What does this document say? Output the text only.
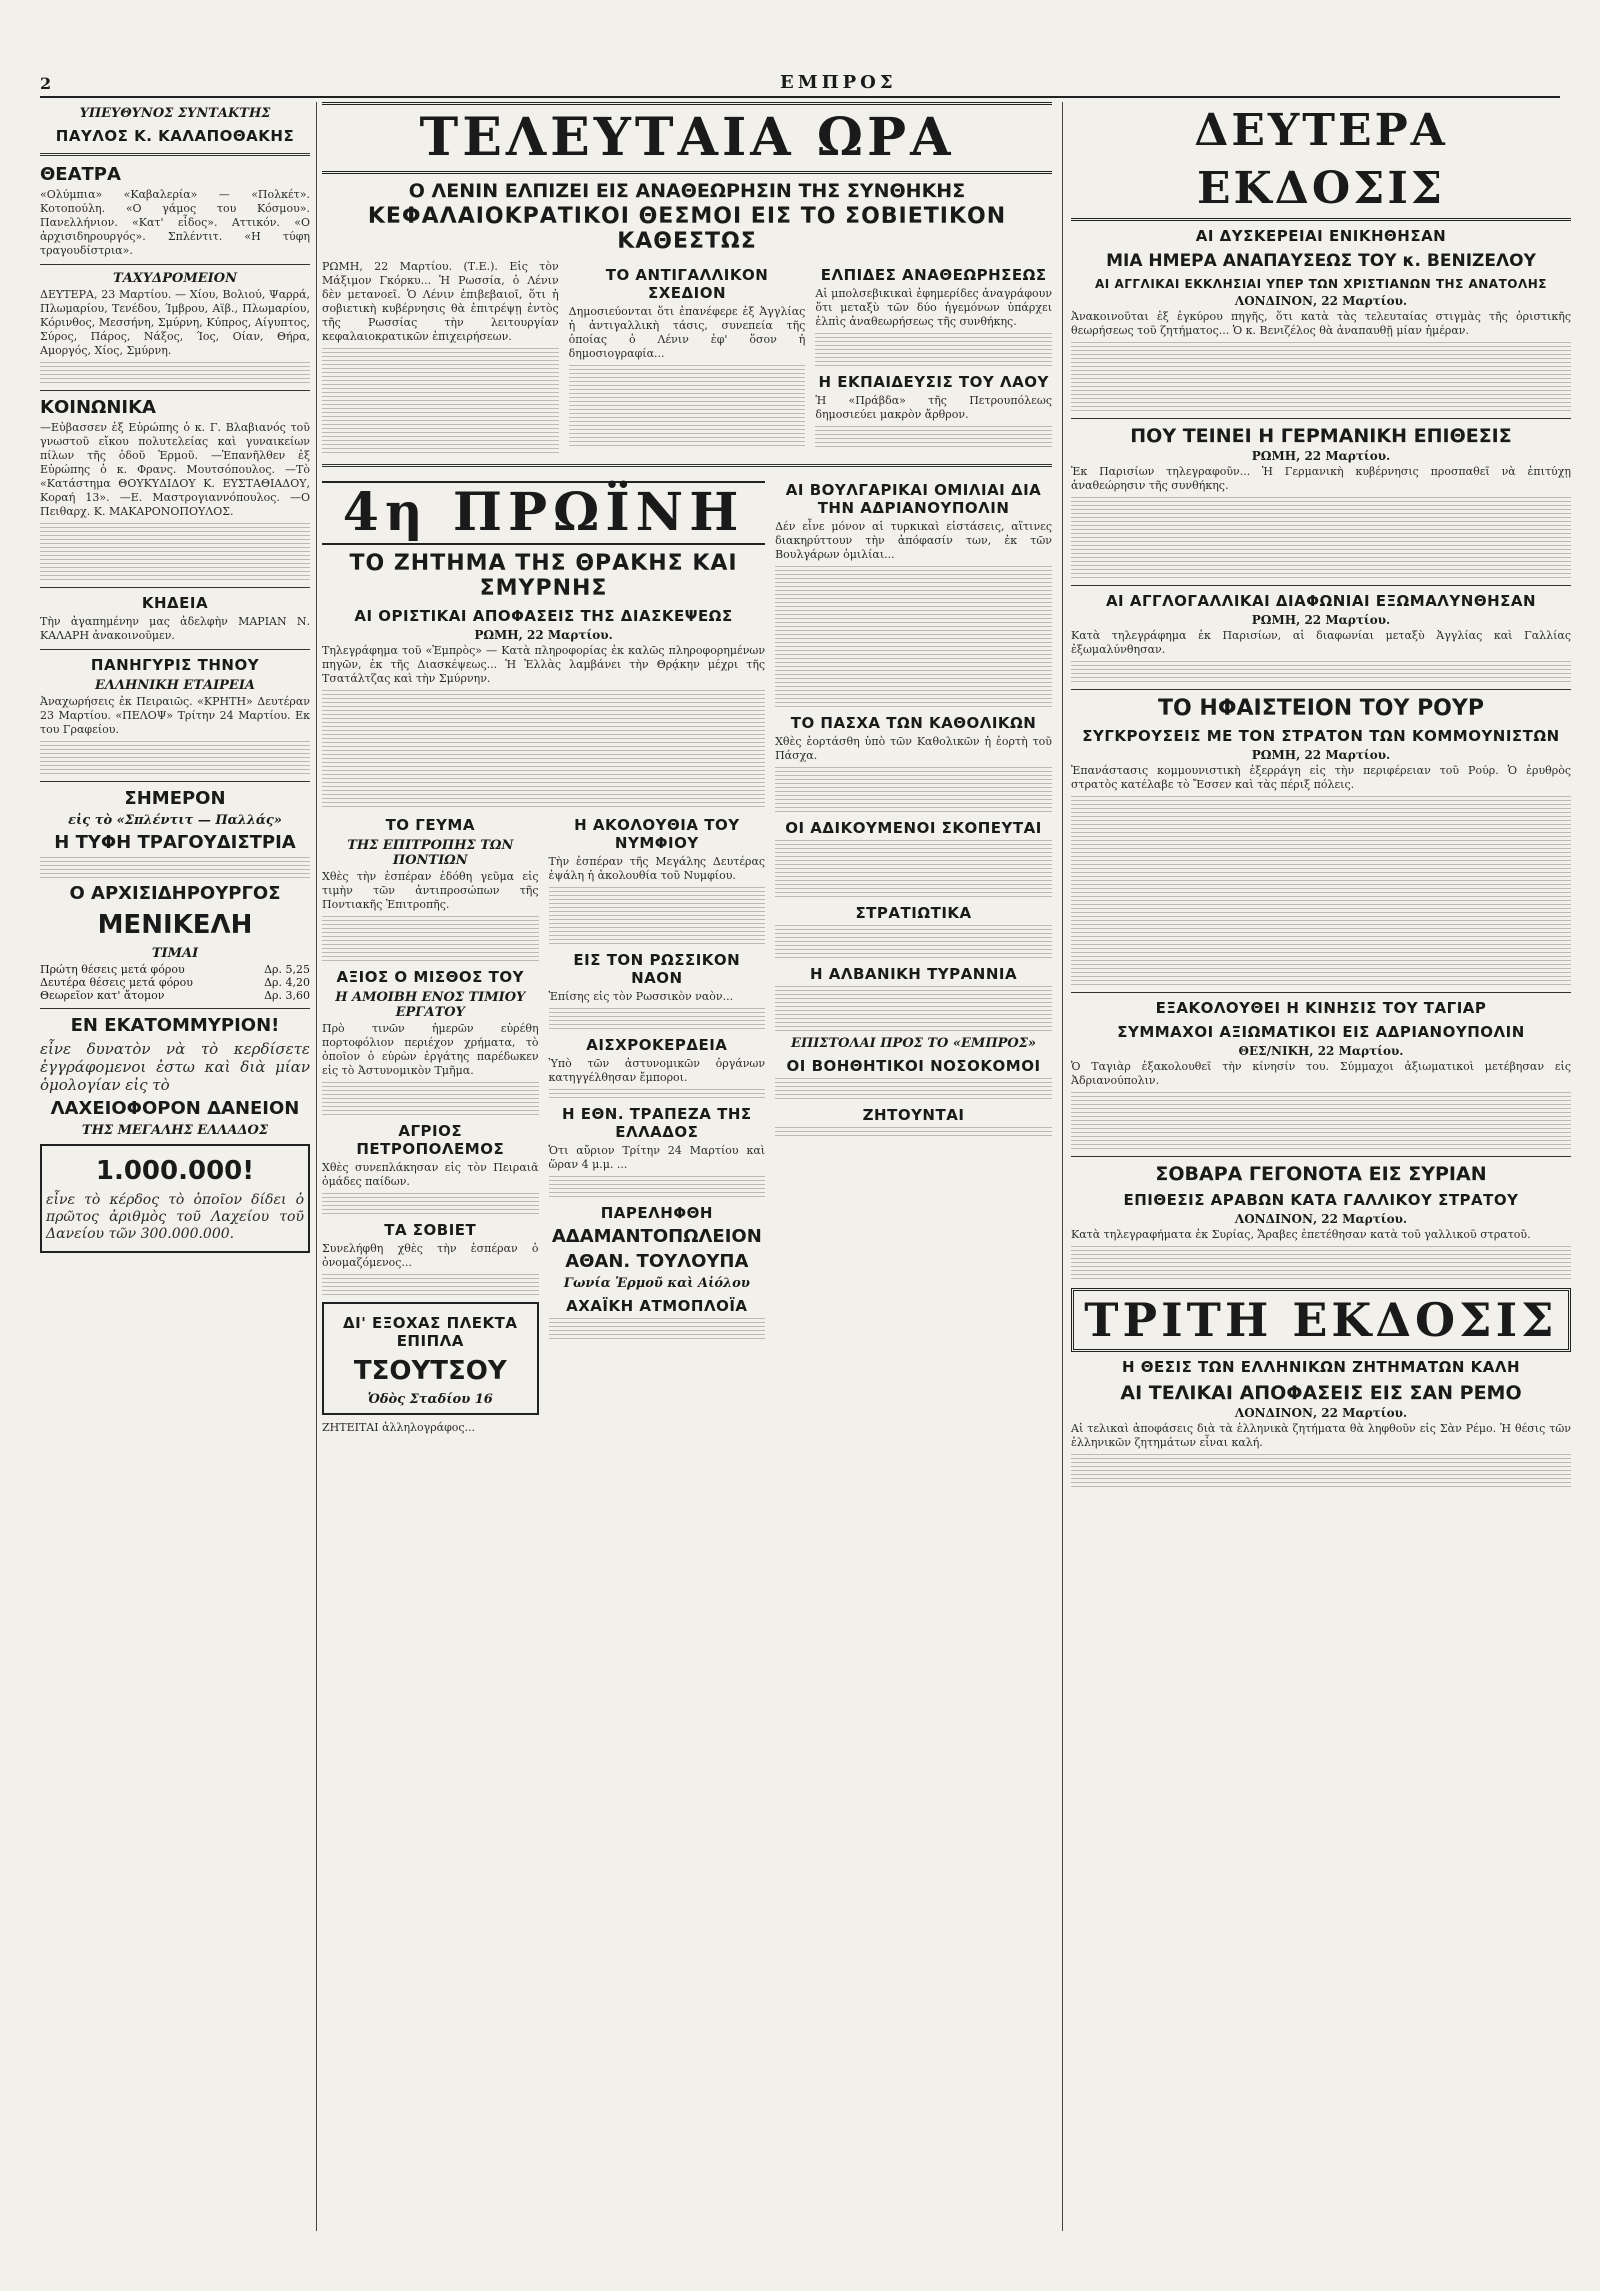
2	ΕΜΠΡΟΣ
ΥΠΕΥΘΥΝΟΣ ΣΥΝΤΑΚΤΗΣ
ΠΑΥΛΟΣ Κ. ΚΑΛΑΠΟΘΑΚΗΣ
ΘΕΑΤΡΑ

«Ολύμπια» «Καβαλερία» — «Πολκέτ». Κοτοπούλη. «Ο γάμος του Κόσμου». Πανελλήνιον. «Κατ' εἶδος». Αττικόν. «Ο ἀρχισιδηρουργός». Σπλέντιτ. «Η τύφη τραγουδίστρια».

ΤΑΧΥΔΡΟΜΕΙΟΝ

ΔΕΥΤΕΡΑ, 23 Μαρτίου. — Χίου, Βολιού, Ψαρρά, Πλωμαρίου, Τενέδου, Ίμβρου, Αϊβ., Πλωμαρίου, Κόρινθος, Μεσσήνη, Σμύρνη, Κύπρος, Αίγυπτος, Σύρος, Πάρος, Νάξος, Ίος, Οίαν, Θήρα, Αμοργός, Χίος, Σμύρνη.

ΚΟΙΝΩΝΙΚΑ

—Εὐβασσεν ἐξ Εὐρώπης ὁ κ. Γ. Βλαβιανός τοῦ γνωστοῦ εἴκου πολυτελείας καὶ γυναικείων πίλων τῆς ὁδοῦ Ἑρμοῦ. —Ἐπανῆλθεν ἐξ Εὐρώπης ὁ κ. Φρανς. Μουτσόπουλος. —Τὸ «Κατάστημα ΘΟΥΚΥΔΙΔΟΥ Κ. ΕΥΣΤΑΘΙΑΔΟΥ, Κοραή 13». —Ε. Μαστρογιαννόπουλος. —Ο Πειθαρχ. Κ. ΜΑΚΑΡΟΝΟΠΟΥΛΟΣ.

ΚΗΔΕΙΑ

Τὴν ἀγαπημένην μας ἀδελφὴν ΜΑΡΙΑΝ Ν. ΚΑΛΑΡΗ ἀνακοινοῦμεν.

ΠΑΝΗΓΥΡΙΣ ΤΗΝΟΥ
ΕΛΛΗΝΙΚΗ ΕΤΑΙΡΕΙΑ

Ἀναχωρήσεις ἐκ Πειραιῶς. «ΚΡΗΤΗ» Δευτέραν 23 Μαρτίου. «ΠΕΛΟΨ» Τρίτην 24 Μαρτίου. Εκ του Γραφείου.

ΣΗΜΕΡΟΝ
εἰς τὸ «Σπλέντιτ — Παλλάς»
Η ΤΥΦΗ ΤΡΑΓΟΥΔΙΣΤΡΙΑ
Ο ΑΡΧΙΣΙΔΗΡΟΥΡΓΟΣ
ΜΕΝΙΚΕΛΗ
ΤΙΜΑΙ
Πρώτη θέσεις μετά φόρου	Δρ. 5,25
Δευτέρα θέσεις μετά φόρου	Δρ. 4,20
Θεωρεῖον κατ' ἄτομον	Δρ. 3,60
ΕΝ ΕΚΑΤΟΜΜΥΡΙΟΝ!

εἶνε δυνατὸν νὰ τὸ κερδίσετε ἐγγράφομενοι ἐστω καὶ διὰ μίαν ὁμολογίαν εἰς τὸ

ΛΑΧΕΙΟΦΟΡΟΝ ΔΑΝΕΙΟΝ
ΤΗΣ ΜΕΓΑΛΗΣ ΕΛΛΑΔΟΣ
1.000.000!

εἶνε τὸ κέρδος τὸ ὁποῖον δίδει ὁ πρῶτος ἀριθμὸς τοῦ Λαχείου τοῦ Δανείου τῶν 300.000.000.

ΤΕΛΕΥΤΑΙΑ ΩΡΑ
Ο ΛΕΝΙΝ ΕΛΠΙΖΕΙ ΕΙΣ ΑΝΑΘΕΩΡΗΣΙΝ ΤΗΣ ΣΥΝΘΗΚΗΣ
ΚΕΦΑΛΑΙΟΚΡΑΤΙΚΟΙ ΘΕΣΜΟΙ ΕΙΣ ΤΟ ΣΟΒΙΕΤΙΚΟΝ ΚΑΘΕΣΤΩΣ

ΡΩΜΗ, 22 Μαρτίου. (Τ.Ε.). Εἰς τὸν Μάξιμον Γκόρκυ... Ἡ Ρωσσία, ὁ Λένιν δὲν μετανοεῖ. Ὁ Λένιν ἐπιβεβαιοῖ, ὅτι ἡ σοβιετικὴ κυβέρνησις θὰ ἐπιτρέψῃ ἐντὸς τῆς Ρωσσίας τὴν λειτουργίαν κεφαλαιοκρατικῶν ἐπιχειρήσεων.

ΤΟ ΑΝΤΙΓΑΛΛΙΚΟΝ ΣΧΕΔΙΟΝ

Δημοσιεύονται ὅτι ἐπανέφερε ἐξ Ἀγγλίας ἡ ἀντιγαλλικὴ τάσις, συνεπεία τῆς ὁποίας ὁ Λένιν ἐφ' ὅσον ἡ δημοσιογραφία...

ΕΛΠΙΔΕΣ ΑΝΑΘΕΩΡΗΣΕΩΣ

Αἱ μπολσεβικικαὶ ἐφημερίδες ἀναγράφουν ὅτι μεταξὺ τῶν δύο ἡγεμόνων ὑπάρχει ἐλπὶς ἀναθεωρήσεως τῆς συνθήκης.

Η ΕΚΠΑΙΔΕΥΣΙΣ ΤΟΥ ΛΑΟΥ

Ἡ «Πράβδα» τῆς Πετρουπόλεως δημοσιεύει μακρὸν ἄρθρον.

4η ΠΡΩΪΝΗ
ΤΟ ΖΗΤΗΜΑ ΤΗΣ ΘΡΑΚΗΣ ΚΑΙ ΣΜΥΡΝΗΣ
ΑΙ ΟΡΙΣΤΙΚΑΙ ΑΠΟΦΑΣΕΙΣ ΤΗΣ ΔΙΑΣΚΕΨΕΩΣ
ΡΩΜΗ, 22 Μαρτίου.

Τηλεγράφημα τοῦ «Ἐμπρὸς» — Κατὰ πληροφορίας ἐκ καλῶς πληροφορημένων πηγῶν, ἐκ τῆς Διασκέψεως... Ἡ Ἑλλὰς λαμβάνει τὴν Θρᾴκην μέχρι τῆς Τσατάλτζας καὶ τὴν Σμύρνην.

ΤΟ ΓΕΥΜΑ
ΤΗΣ ΕΠΙΤΡΟΠΗΣ ΤΩΝ ΠΟΝΤΙΩΝ

Χθὲς τὴν ἑσπέραν ἐδόθη γεῦμα εἰς τιμὴν τῶν ἀντιπροσώπων τῆς Ποντιακῆς Ἐπιτροπῆς.

ΑΞΙΟΣ Ο ΜΙΣΘΟΣ ΤΟΥ
Η ΑΜΟΙΒΗ ΕΝΟΣ ΤΙΜΙΟΥ ΕΡΓΑΤΟΥ

Πρὸ τινῶν ἡμερῶν εὑρέθη πορτοφόλιον περιέχον χρήματα, τὸ ὁποῖον ὁ εὑρὼν ἐργάτης παρέδωκεν εἰς τὸ Ἀστυνομικὸν Τμῆμα.

ΑΓΡΙΟΣ ΠΕΤΡΟΠΟΛΕΜΟΣ

Χθὲς συνεπλάκησαν εἰς τὸν Πειραιᾶ ὁμάδες παίδων.

ΤΑ ΣΟΒΙΕΤ

Συνελήφθη χθὲς τὴν ἑσπέραν ὁ ὀνομαζόμενος...

ΔΙ' ΕΞΟΧΑΣ ΠΛΕΚΤΑ ΕΠΙΠΛΑ
ΤΣΟΥΤΣΟΥ
Ὁδὸς Σταδίου 16

ΖΗΤΕΙΤΑΙ ἀλληλογράφος...

Η ΑΚΟΛΟΥΘΙΑ ΤΟΥ ΝΥΜΦΙΟΥ

Τὴν ἑσπέραν τῆς Μεγάλης Δευτέρας ἐψάλη ἡ ἀκολουθία τοῦ Νυμφίου.

ΕΙΣ ΤΟΝ ΡΩΣΣΙΚΟΝ ΝΑΟΝ

Ἐπίσης εἰς τὸν Ρωσσικὸν ναὸν...

ΑΙΣΧΡΟΚΕΡΔΕΙΑ

Ὑπὸ τῶν ἀστυνομικῶν ὀργάνων κατηγγέλθησαν ἔμποροι.

Η ΕΘΝ. ΤΡΑΠΕΖΑ ΤΗΣ ΕΛΛΑΔΟΣ

Ὁτι αὔριον Τρίτην 24 Μαρτίου καὶ ὥραν 4 μ.μ. ...

ΠΑΡΕΛΗΦΘΗ
ΑΔΑΜΑΝΤΟΠΩΛΕΙΟΝ
ΑΘΑΝ. ΤΟΥΛΟΥΠΑ
Γωνία Ἑρμοῦ καὶ Αἰόλου
ΑΧΑΪΚΗ ΑΤΜΟΠΛΟΪΑ
ΑΙ ΒΟΥΛΓΑΡΙΚΑΙ ΟΜΙΛΙΑΙ ΔΙΑ ΤΗΝ ΑΔΡΙΑΝΟΥΠΟΛΙΝ

Δέν εἶνε μόνον αἱ τυρκικαὶ εἰστάσεις, αἵτινες διακηρύττουν τὴν ἀπόφασίν των, ἐκ τῶν Βουλγάρων ὁμιλίαι...

ΤΟ ΠΑΣΧΑ ΤΩΝ ΚΑΘΟΛΙΚΩΝ

Χθὲς ἑορτάσθη ὑπὸ τῶν Καθολικῶν ἡ ἑορτὴ τοῦ Πάσχα.

ΟΙ ΑΔΙΚΟΥΜΕΝΟΙ ΣΚΟΠΕΥΤΑΙ
ΣΤΡΑΤΙΩΤΙΚΑ
Η ΑΛΒΑΝΙΚΗ ΤΥΡΑΝΝΙΑ
ΕΠΙΣΤΟΛΑΙ ΠΡΟΣ ΤΟ «ΕΜΠΡΟΣ»
ΟΙ ΒΟΗΘΗΤΙΚΟΙ ΝΟΣΟΚΟΜΟΙ
ΖΗΤΟΥΝΤΑΙ
ΔΕΥΤΕΡΑ ΕΚΔΟΣΙΣ
ΑΙ ΔΥΣΚΕΡΕΙΑΙ ΕΝΙΚΗΘΗΣΑΝ
ΜΙΑ ΗΜΕΡΑ ΑΝΑΠΑΥΣΕΩΣ ΤΟΥ κ. ΒΕΝΙΖΕΛΟΥ
ΑΙ ΑΓΓΛΙΚΑΙ ΕΚΚΛΗΣΙΑΙ ΥΠΕΡ ΤΩΝ ΧΡΙΣΤΙΑΝΩΝ ΤΗΣ ΑΝΑΤΟΛΗΣ
ΛΟΝΔΙΝΟΝ, 22 Μαρτίου.

Ἀνακοινοῦται ἐξ ἐγκύρου πηγῆς, ὅτι κατὰ τὰς τελευταίας στιγμὰς τῆς ὁριστικῆς θεωρήσεως τοῦ ζητήματος... Ὁ κ. Βενιζέλος θὰ ἀναπαυθῇ μίαν ἡμέραν.

ΠΟΥ ΤΕΙΝΕΙ Η ΓΕΡΜΑΝΙΚΗ ΕΠΙΘΕΣΙΣ
ΡΩΜΗ, 22 Μαρτίου.

Ἐκ Παρισίων τηλεγραφοῦν... Ἡ Γερμανικὴ κυβέρνησις προσπαθεῖ νὰ ἐπιτύχῃ ἀναθεώρησιν τῆς συνθήκης.

ΑΙ ΑΓΓΛΟΓΑΛΛΙΚΑΙ ΔΙΑΦΩΝΙΑΙ ΕΞΩΜΑΛΥΝΘΗΣΑΝ
ΡΩΜΗ, 22 Μαρτίου.

Κατὰ τηλεγράφημα ἐκ Παρισίων, αἱ διαφωνίαι μεταξὺ Ἀγγλίας καὶ Γαλλίας ἐξωμαλύνθησαν.

ΤΟ ΗΦΑΙΣΤΕΙΟΝ ΤΟΥ ΡΟΥΡ
ΣΥΓΚΡΟΥΣΕΙΣ ΜΕ ΤΟΝ ΣΤΡΑΤΟΝ ΤΩΝ ΚΟΜΜΟΥΝΙΣΤΩΝ
ΡΩΜΗ, 22 Μαρτίου.

Ἐπανάστασις κομμουνιστικὴ ἐξερράγη εἰς τὴν περιφέρειαν τοῦ Ρούρ. Ὁ ἐρυθρὸς στρατὸς κατέλαβε τὸ Ἔσσεν καὶ τὰς πέριξ πόλεις.

ΕΞΑΚΟΛΟΥΘΕΙ Η ΚΙΝΗΣΙΣ ΤΟΥ ΤΑΓΙΑΡ
ΣΥΜΜΑΧΟΙ ΑΞΙΩΜΑΤΙΚΟΙ ΕΙΣ ΑΔΡΙΑΝΟΥΠΟΛΙΝ
ΘΕΣ/ΝΙΚΗ, 22 Μαρτίου.

Ὁ Ταγιὰρ ἐξακολουθεῖ τὴν κίνησίν του. Σύμμαχοι ἀξιωματικοὶ μετέβησαν εἰς Ἀδριανούπολιν.

ΣΟΒΑΡΑ ΓΕΓΟΝΟΤΑ ΕΙΣ ΣΥΡΙΑΝ
ΕΠΙΘΕΣΙΣ ΑΡΑΒΩΝ ΚΑΤΑ ΓΑΛΛΙΚΟΥ ΣΤΡΑΤΟΥ
ΛΟΝΔΙΝΟΝ, 22 Μαρτίου.

Κατὰ τηλεγραφήματα ἐκ Συρίας, Ἄραβες ἐπετέθησαν κατὰ τοῦ γαλλικοῦ στρατοῦ.

ΤΡΙΤΗ ΕΚΔΟΣΙΣ
Η ΘΕΣΙΣ ΤΩΝ ΕΛΛΗΝΙΚΩΝ ΖΗΤΗΜΑΤΩΝ ΚΑΛΗ
ΑΙ ΤΕΛΙΚΑΙ ΑΠΟΦΑΣΕΙΣ ΕΙΣ ΣΑΝ ΡΕΜΟ
ΛΟΝΔΙΝΟΝ, 22 Μαρτίου.

Αἱ τελικαὶ ἀποφάσεις διὰ τὰ ἑλληνικὰ ζητήματα θὰ ληφθοῦν εἰς Σὰν Ρέμο. Ἡ θέσις τῶν ἑλληνικῶν ζητημάτων εἶναι καλή.
